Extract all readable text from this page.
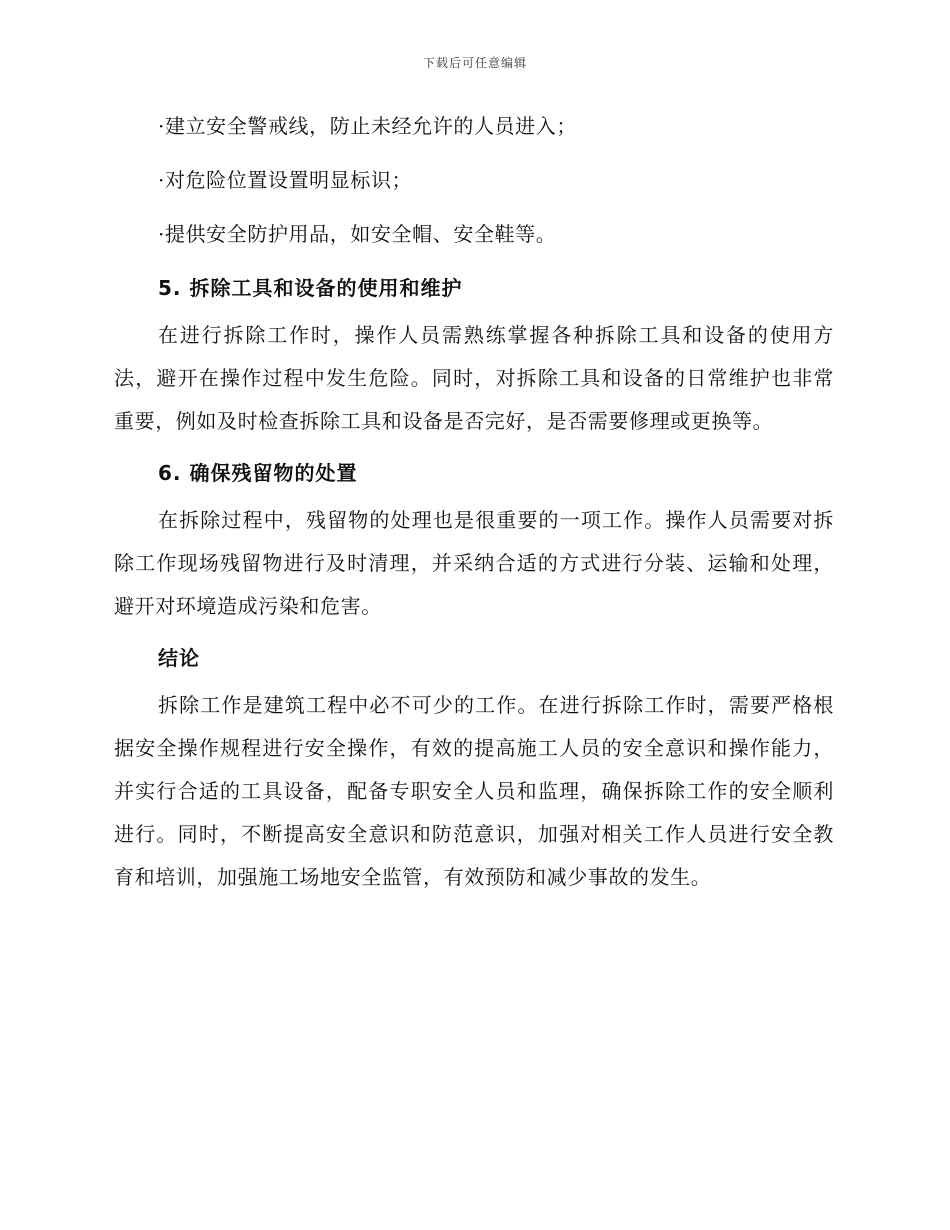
下载后可任意编辑
·建立安全警戒线，防止未经允许的人员进入；
·对危险位置设置明显标识；
·提供安全防护用品，如安全帽、安全鞋等。
5. 拆除工具和设备的使用和维护
在进行拆除工作时，操作人员需熟练掌握各种拆除工具和设备的使用方法，避开在操作过程中发生危险。同时，对拆除工具和设备的日常维护也非常重要，例如及时检查拆除工具和设备是否完好，是否需要修理或更换等。
6. 确保残留物的处置
在拆除过程中，残留物的处理也是很重要的一项工作。操作人员需要对拆除工作现场残留物进行及时清理，并采纳合适的方式进行分装、运输和处理，避开对环境造成污染和危害。
结论
拆除工作是建筑工程中必不可少的工作。在进行拆除工作时，需要严格根据安全操作规程进行安全操作，有效的提高施工人员的安全意识和操作能力，并实行合适的工具设备，配备专职安全人员和监理，确保拆除工作的安全顺利进行。同时，不断提高安全意识和防范意识，加强对相关工作人员进行安全教育和培训，加强施工场地安全监管，有效预防和减少事故的发生。
